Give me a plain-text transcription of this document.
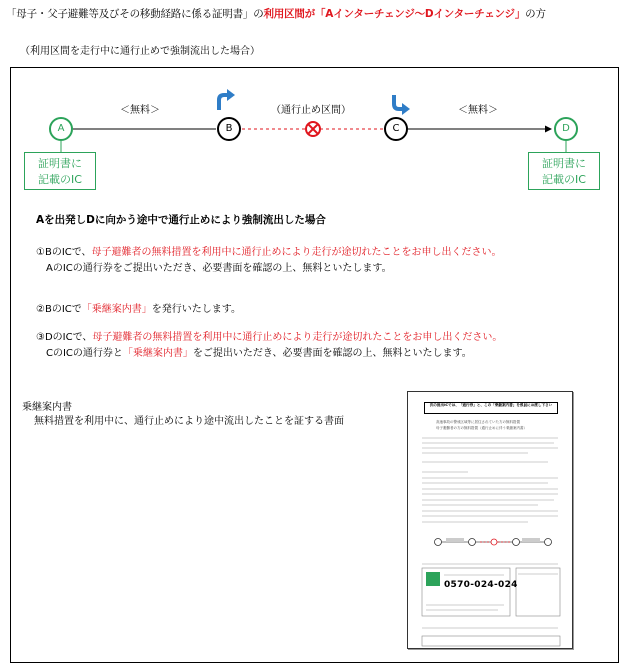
「母子・父子避難等及びその移動経路に係る証明書」の利用区間が「Aインターチェンジ〜Dインターチェンジ」の方
（利用区間を走行中に通行止めで強制流出した場合）
＜無料＞	（通行止め区間）	＜無料＞
A	B	C	D
証明書に
記載のIC
証明書に
記載のIC
Aを出発しDに向かう途中で通行止めにより強制流出した場合
①BのICで、母子避難者の無料措置を利用中に通行止めにより走行が途切れたことをお申し出ください。
AのICの通行券をご提出いただき、必要書面を確認の上、無料といたします。
②BのICで「乗継案内書」を発行いたします。
③DのICで、母子避難者の無料措置を利用中に通行止めにより走行が途切れたことをお申し出ください。
CのICの通行券と「乗継案内書」をご提出いただき、必要書面を確認の上、無料といたします。
乗継案内書
無料措置を利用中に、通行止めにより途中流出したことを証する書面
次の流出ICでは、「通行券」と、この「乗継案内書」を係員にお渡し下さい
高速事故の警戒区域等に居住されていた方の無料措置
母子避難者の方の無料措置（通行止めに伴う乗継案内書）
0570-024-024
